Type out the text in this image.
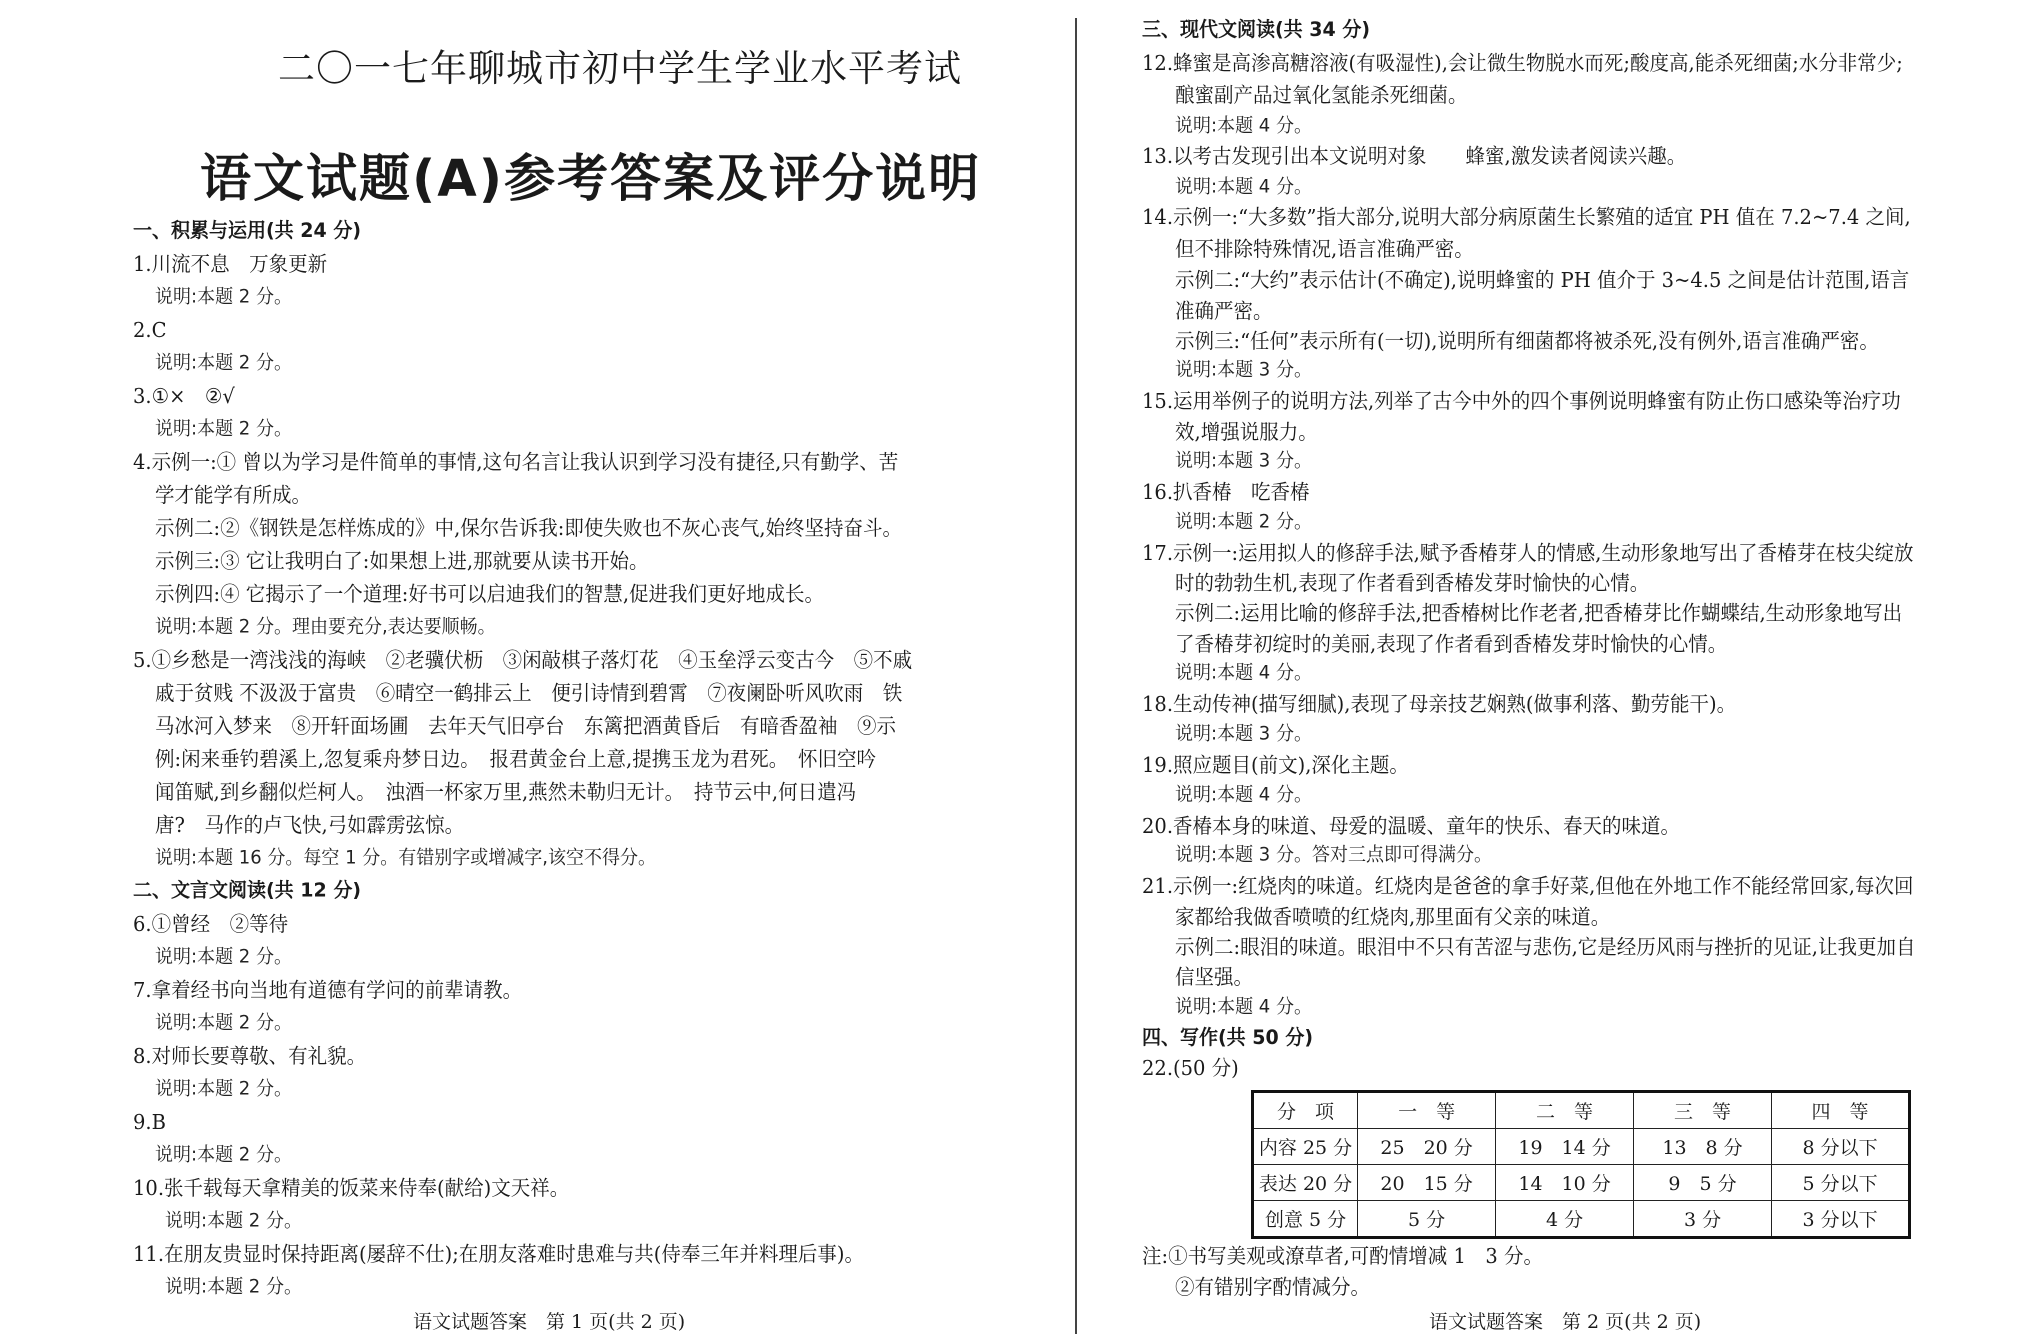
二〇一七年聊城市初中学生学业水平考试
语文试题(A)参考答案及评分说明
一、积累与运用(共 24 分)
1.川流不息　万象更新
说明:本题 2 分。
2.C
说明:本题 2 分。
3.①×　②√
说明:本题 2 分。
4.示例一:① 曾以为学习是件简单的事情,这句名言让我认识到学习没有捷径,只有勤学、苦
学才能学有所成。
示例二:②《钢铁是怎样炼成的》中,保尔告诉我:即使失败也不灰心丧气,始终坚持奋斗。
示例三:③ 它让我明白了:如果想上进,那就要从读书开始。
示例四:④ 它揭示了一个道理:好书可以启迪我们的智慧,促进我们更好地成长。
说明:本题 2 分。理由要充分,表达要顺畅。
5.①乡愁是一湾浅浅的海峡　②老骥伏枥　③闲敲棋子落灯花　④玉垒浮云变古今　⑤不戚
戚于贫贱 不汲汲于富贵　⑥晴空一鹤排云上　便引诗情到碧霄　⑦夜阑卧听风吹雨　铁
马冰河入梦来　⑧开轩面场圃　去年天气旧亭台　东篱把酒黄昏后　有暗香盈袖　⑨示
例:闲来垂钓碧溪上,忽复乘舟梦日边。　报君黄金台上意,提携玉龙为君死。　怀旧空吟
闻笛赋,到乡翻似烂柯人。　浊酒一杯家万里,燕然未勒归无计。　持节云中,何日遣冯
唐?　马作的卢飞快,弓如霹雳弦惊。
说明:本题 16 分。每空 1 分。有错别字或增减字,该空不得分。
二、文言文阅读(共 12 分)
6.①曾经　②等待
说明:本题 2 分。
7.拿着经书向当地有道德有学问的前辈请教。
说明:本题 2 分。
8.对师长要尊敬、有礼貌。
说明:本题 2 分。
9.B
说明:本题 2 分。
10.张千载每天拿精美的饭菜来侍奉(献给)文天祥。
说明:本题 2 分。
11.在朋友贵显时保持距离(屡辞不仕);在朋友落难时患难与共(侍奉三年并料理后事)。
说明:本题 2 分。
语文试题答案　第 1 页(共 2 页)
三、现代文阅读(共 34 分)
12.蜂蜜是高渗高糖溶液(有吸湿性),会让微生物脱水而死;酸度高,能杀死细菌;水分非常少;
酿蜜副产品过氧化氢能杀死细菌。
说明:本题 4 分。
13.以考古发现引出本文说明对象　　蜂蜜,激发读者阅读兴趣。
说明:本题 4 分。
14.示例一:“大多数”指大部分,说明大部分病原菌生长繁殖的适宜 PH 值在 7.2~7.4 之间,
但不排除特殊情况,语言准确严密。
示例二:“大约”表示估计(不确定),说明蜂蜜的 PH 值介于 3~4.5 之间是估计范围,语言
准确严密。
示例三:“任何”表示所有(一切),说明所有细菌都将被杀死,没有例外,语言准确严密。
说明:本题 3 分。
15.运用举例子的说明方法,列举了古今中外的四个事例说明蜂蜜有防止伤口感染等治疗功
效,增强说服力。
说明:本题 3 分。
16.扒香椿　吃香椿
说明:本题 2 分。
17.示例一:运用拟人的修辞手法,赋予香椿芽人的情感,生动形象地写出了香椿芽在枝尖绽放
时的勃勃生机,表现了作者看到香椿发芽时愉快的心情。
示例二:运用比喻的修辞手法,把香椿树比作老者,把香椿芽比作蝴蝶结,生动形象地写出
了香椿芽初绽时的美丽,表现了作者看到香椿发芽时愉快的心情。
说明:本题 4 分。
18.生动传神(描写细腻),表现了母亲技艺娴熟(做事利落、勤劳能干)。
说明:本题 3 分。
19.照应题目(前文),深化主题。
说明:本题 4 分。
20.香椿本身的味道、母爱的温暖、童年的快乐、春天的味道。
说明:本题 3 分。答对三点即可得满分。
21.示例一:红烧肉的味道。红烧肉是爸爸的拿手好菜,但他在外地工作不能经常回家,每次回
家都给我做香喷喷的红烧肉,那里面有父亲的味道。
示例二:眼泪的味道。眼泪中不只有苦涩与悲伤,它是经历风雨与挫折的见证,让我更加自
信坚强。
说明:本题 4 分。
四、写作(共 50 分)
22.(50 分)
注:①书写美观或潦草者,可酌情增减 1　3 分。
②有错别字酌情减分。
语文试题答案　第 2 页(共 2 页)
分　项	一　等	二　等	三　等	四　等
内容 25 分	25　20 分	19　14 分	13　8 分	8 分以下
表达 20 分	20　15 分	14　10 分	9　5 分	5 分以下
创意 5 分	5 分	4 分	3 分	3 分以下
